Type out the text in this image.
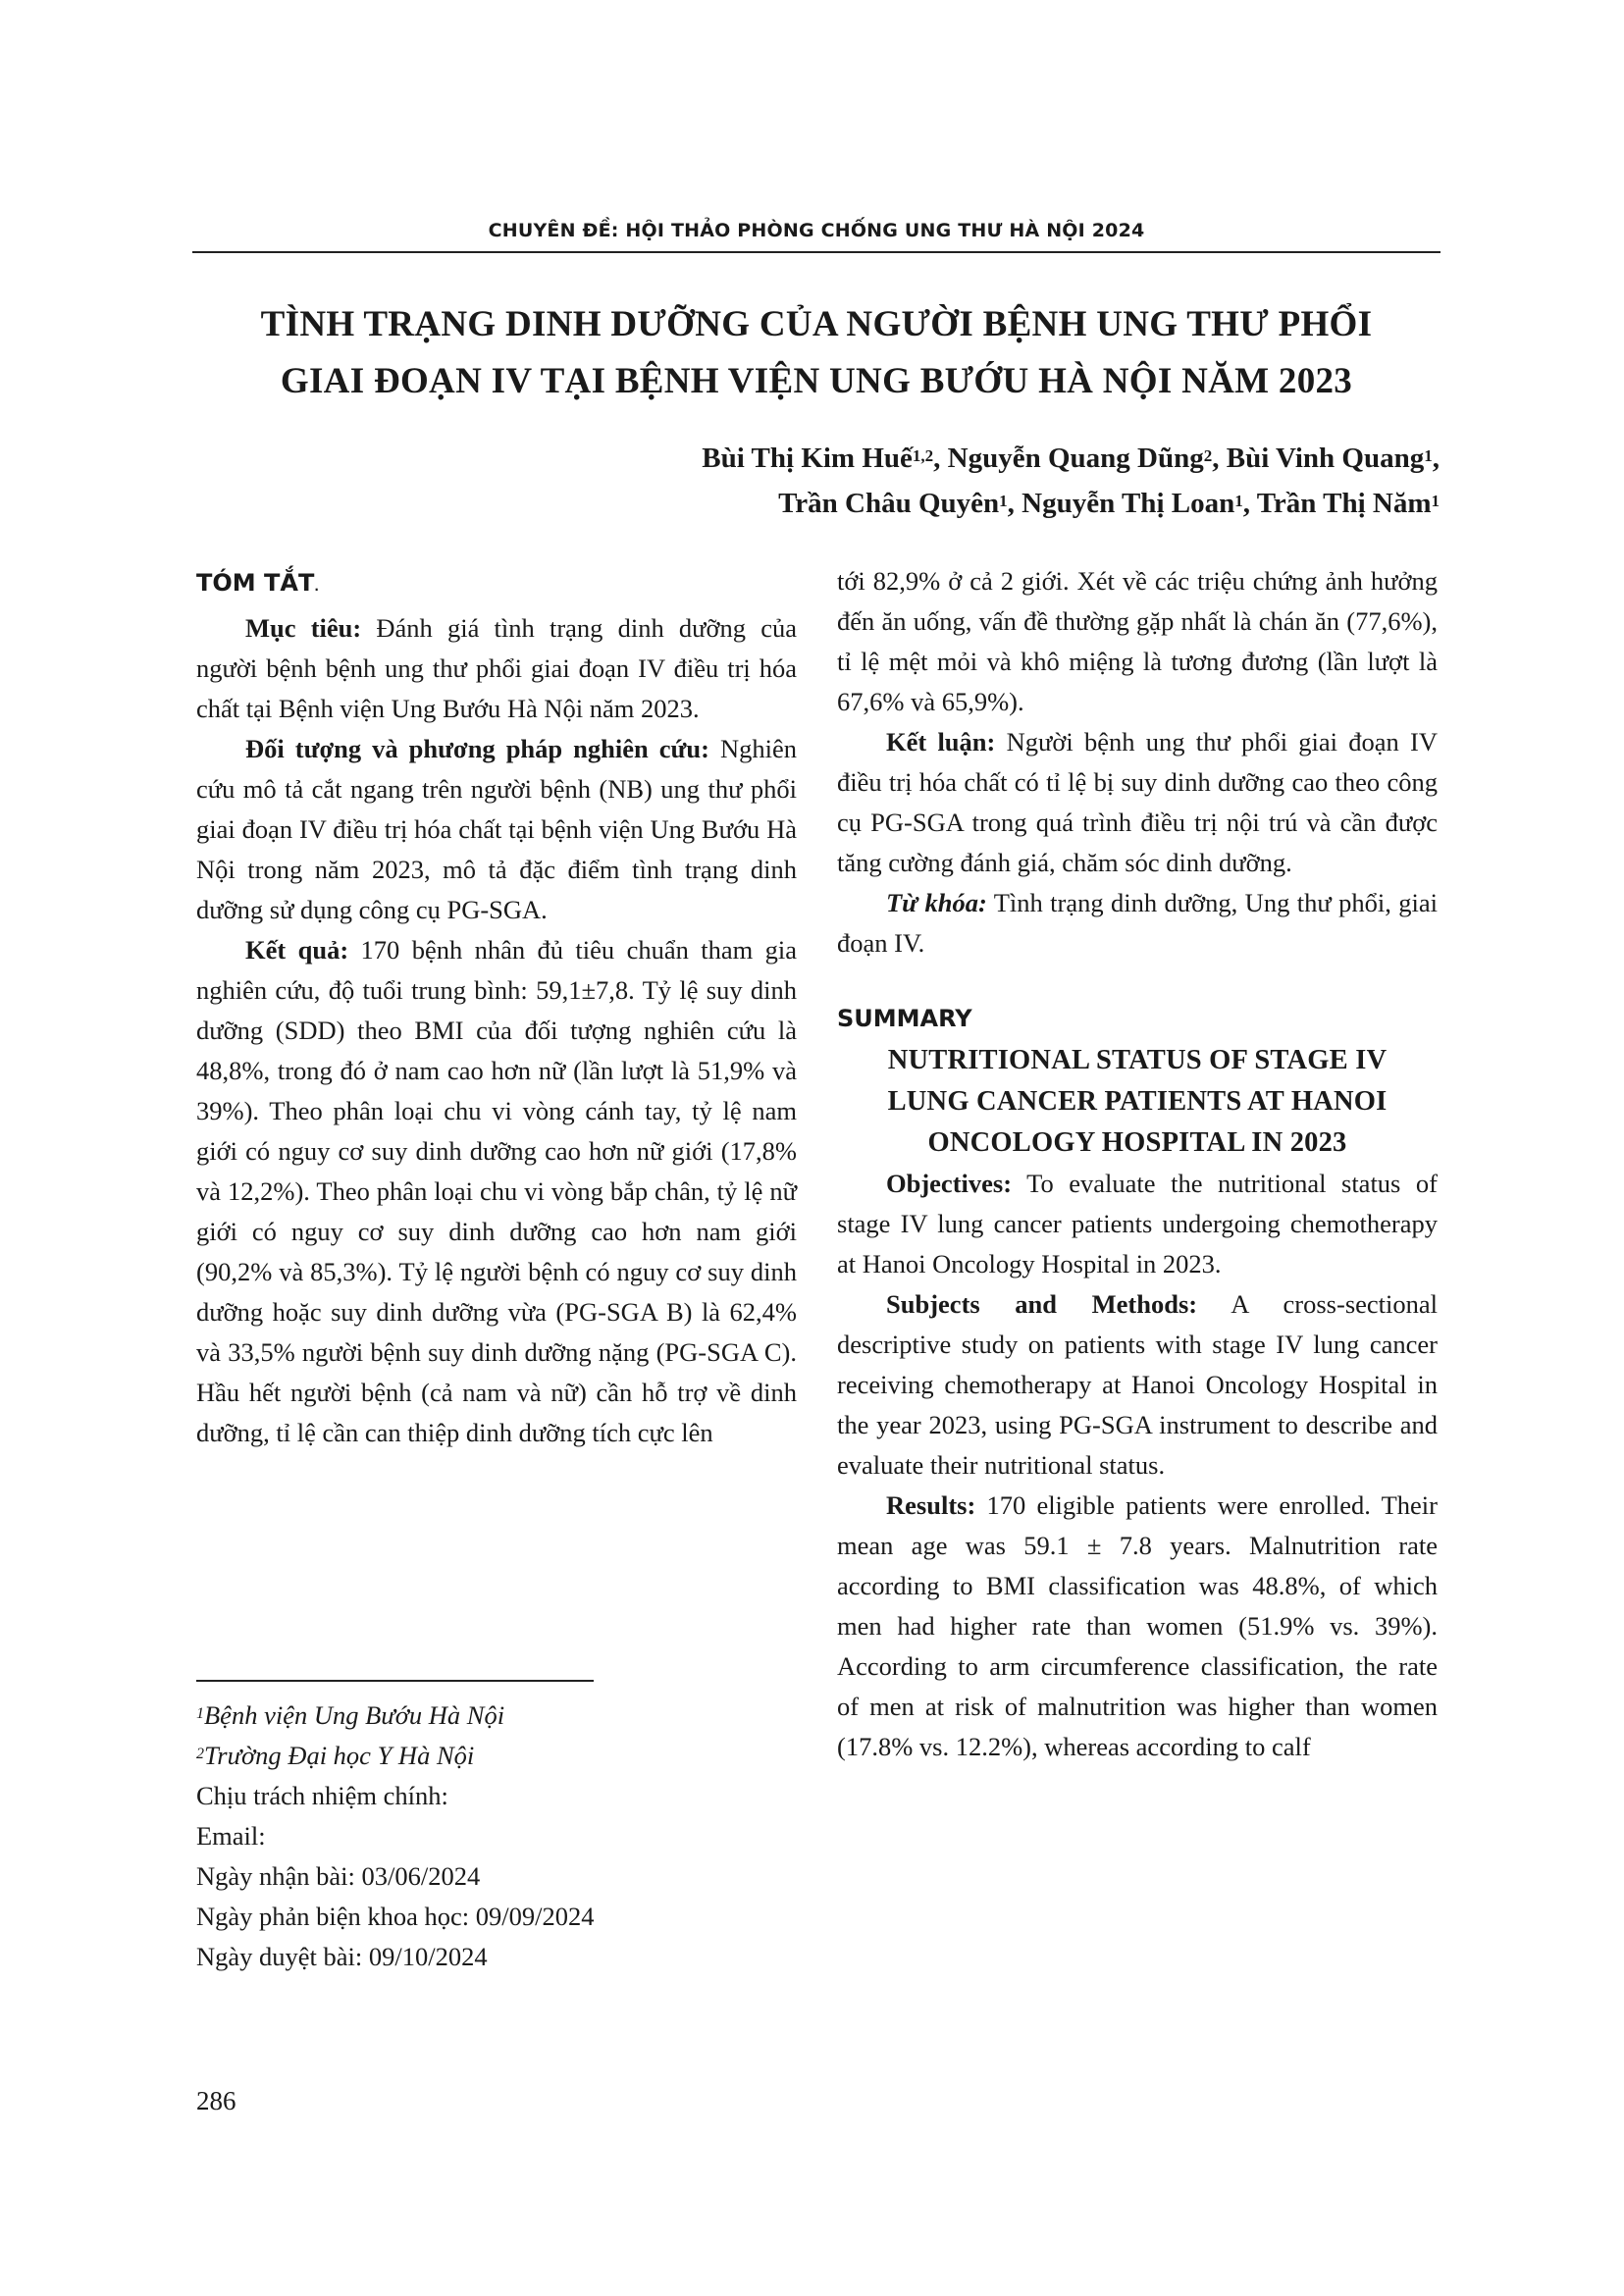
CHUYÊN ĐỀ: HỘI THẢO PHÒNG CHỐNG UNG THƯ HÀ NỘI 2024
TÌNH TRẠNG DINH DƯỠNG CỦA NGƯỜI BỆNH UNG THƯ PHỔI
GIAI ĐOẠN IV TẠI BỆNH VIỆN UNG BƯỚU HÀ NỘI NĂM 2023
Bùi Thị Kim Huế$^{1,2}$, Nguyễn Quang Dũng$^2$, Bùi Vinh Quang$^1$,
Trần Châu Quyên$^1$, Nguyễn Thị Loan$^1$, Trần Thị Năm$^1$
TÓM TẮT.

Mục tiêu: Đánh giá tình trạng dinh dưỡng của người bệnh bệnh ung thư phổi giai đoạn IV điều trị hóa chất tại Bệnh viện Ung Bướu Hà Nội năm 2023.

Đối tượng và phương pháp nghiên cứu: Nghiên cứu mô tả cắt ngang trên người bệnh (NB) ung thư phổi giai đoạn IV điều trị hóa chất tại bệnh viện Ung Bướu Hà Nội trong năm 2023, mô tả đặc điểm tình trạng dinh dưỡng sử dụng công cụ PG-SGA.

Kết quả: 170 bệnh nhân đủ tiêu chuẩn tham gia nghiên cứu, độ tuổi trung bình: 59,1±7,8. Tỷ lệ suy dinh dưỡng (SDD) theo BMI của đối tượng nghiên cứu là 48,8%, trong đó ở nam cao hơn nữ (lần lượt là 51,9% và 39%). Theo phân loại chu vi vòng cánh tay, tỷ lệ nam giới có nguy cơ suy dinh dưỡng cao hơn nữ giới (17,8% và 12,2%). Theo phân loại chu vi vòng bắp chân, tỷ lệ nữ giới có nguy cơ suy dinh dưỡng cao hơn nam giới (90,2% và 85,3%). Tỷ lệ người bệnh có nguy cơ suy dinh dưỡng hoặc suy dinh dưỡng vừa (PG-SGA B) là 62,4% và 33,5% người bệnh suy dinh dưỡng nặng (PG-SGA C). Hầu hết người bệnh (cả nam và nữ) cần hỗ trợ về dinh dưỡng, tỉ lệ cần can thiệp dinh dưỡng tích cực lên

$^1$Bệnh viện Ung Bướu Hà Nội

$^2$Trường Đại học Y Hà Nội

Chịu trách nhiệm chính:

Email:

Ngày nhận bài: 03/06/2024

Ngày phản biện khoa học: 09/09/2024

Ngày duyệt bài: 09/10/2024

tới 82,9% ở cả 2 giới. Xét về các triệu chứng ảnh hưởng đến ăn uống, vấn đề thường gặp nhất là chán ăn (77,6%), tỉ lệ mệt mỏi và khô miệng là tương đương (lần lượt là 67,6% và 65,9%).

Kết luận: Người bệnh ung thư phổi giai đoạn IV điều trị hóa chất có tỉ lệ bị suy dinh dưỡng cao theo công cụ PG-SGA trong quá trình điều trị nội trú và cần được tăng cường đánh giá, chăm sóc dinh dưỡng.

Từ khóa: Tình trạng dinh dưỡng, Ung thư phổi, giai đoạn IV.

SUMMARY
NUTRITIONAL STATUS OF STAGE IV
LUNG CANCER PATIENTS AT HANOI
ONCOLOGY HOSPITAL IN 2023

Objectives: To evaluate the nutritional status of stage IV lung cancer patients undergoing chemotherapy at Hanoi Oncology Hospital in 2023.

Subjects and Methods: A cross-sectional descriptive study on patients with stage IV lung cancer receiving chemotherapy at Hanoi Oncology Hospital in the year 2023, using PG-SGA instrument to describe and evaluate their nutritional status.

Results: 170 eligible patients were enrolled. Their mean age was 59.1 ± 7.8 years. Malnutrition rate according to BMI classification was 48.8%, of which men had higher rate than women (51.9% vs. 39%). According to arm circumference classification, the rate of men at risk of malnutrition was higher than women (17.8% vs. 12.2%), whereas according to calf

286
